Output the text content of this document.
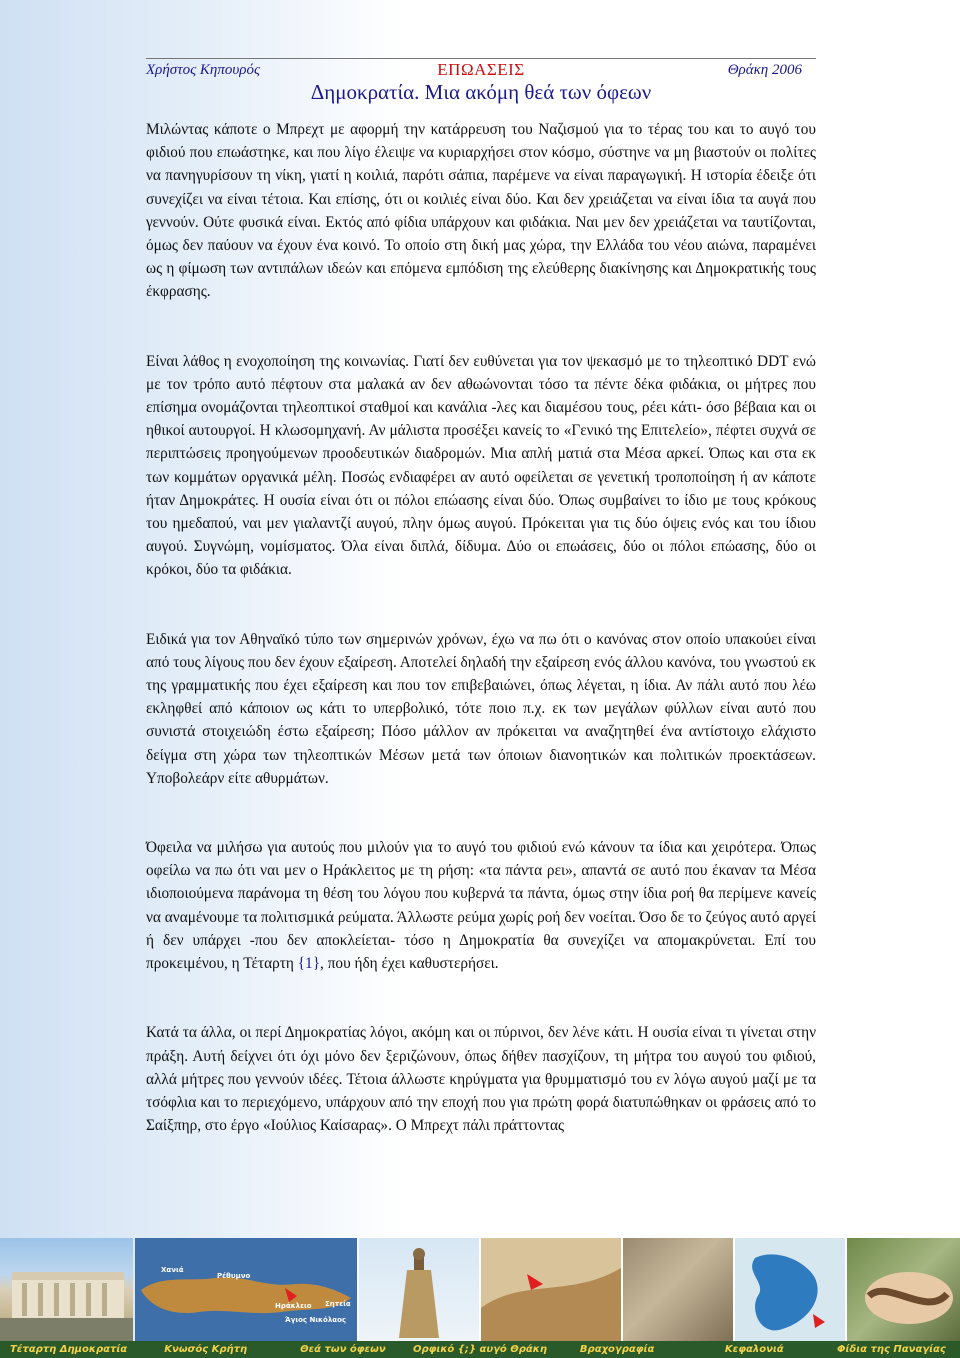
Χρήστος Κηπουρός	ΕΠΩΑΣΕΙΣ	Θράκη 2006
Δημοκρατία. Μια ακόμη θεά των όφεων

Μιλώντας κάποτε ο Μπρεχτ με αφορμή την κατάρρευση του Ναζισμού για το τέρας του και το αυγό του φιδιού που επωάστηκε, και που λίγο έλειψε να κυριαρχήσει στον κόσμο, σύστηνε να μη βιαστούν οι πολίτες να πανηγυρίσουν τη νίκη, γιατί η κοιλιά, παρότι σάπια, παρέμενε να είναι παραγωγική. Η ιστορία έδειξε ότι συνεχίζει να είναι τέτοια. Και επίσης, ότι οι κοιλιές είναι δύο. Και δεν χρειάζεται να είναι ίδια τα αυγά που γεννούν. Ούτε φυσικά είναι. Εκτός από φίδια υπάρχουν και φιδάκια. Ναι μεν δεν χρειάζεται να ταυτίζονται, όμως δεν παύουν να έχουν ένα κοινό. Το οποίο στη δική μας χώρα, την Ελλάδα του νέου αιώνα, παραμένει ως η φίμωση των αντιπάλων ιδεών και επόμενα εμπόδιση της ελεύθερης διακίνησης και Δημοκρατικής τους έκφρασης.

Είναι λάθος η ενοχοποίηση της κοινωνίας. Γιατί δεν ευθύνεται για τον ψεκασμό με το τηλεοπτικό DDT ενώ με τον τρόπο αυτό πέφτουν στα μαλακά αν δεν αθωώνονται τόσο τα πέντε δέκα φιδάκια, οι μήτρες που επίσημα ονομάζονται τηλεοπτικοί σταθμοί και κανάλια -λες και διαμέσου τους, ρέει κάτι- όσο βέβαια και οι ηθικοί αυτουργοί. Η κλωσομηχανή. Αν μάλιστα προσέξει κανείς το «Γενικό της Επιτελείο», πέφτει συχνά σε περιπτώσεις προηγούμενων προοδευτικών διαδρομών. Μια απλή ματιά στα Μέσα αρκεί. Όπως και στα εκ των κομμάτων οργανικά μέλη. Ποσώς ενδιαφέρει αν αυτό οφείλεται σε γενετική τροποποίηση ή αν κάποτε ήταν Δημοκράτες. Η ουσία είναι ότι οι πόλοι επώασης είναι δύο. Όπως συμβαίνει το ίδιο με τους κρόκους του ημεδαπού, ναι μεν γιαλαντζί αυγού, πλην όμως αυγού. Πρόκειται για τις δύο όψεις ενός και του ίδιου αυγού. Συγνώμη, νομίσματος. Όλα είναι διπλά, δίδυμα. Δύο οι επωάσεις, δύο οι πόλοι επώασης, δύο οι κρόκοι, δύο τα φιδάκια.

Ειδικά για τον Αθηναϊκό τύπο των σημερινών χρόνων, έχω να πω ότι ο κανόνας στον οποίο υπακούει είναι από τους λίγους που δεν έχουν εξαίρεση. Αποτελεί δηλαδή την εξαίρεση ενός άλλου κανόνα, του γνωστού εκ της γραμματικής που έχει εξαίρεση και που τον επιβεβαιώνει, όπως λέγεται, η ίδια. Αν πάλι αυτό που λέω εκληφθεί από κάποιον ως κάτι το υπερβολικό, τότε ποιο π.χ. εκ των μεγάλων φύλλων είναι αυτό που συνιστά στοιχειώδη έστω εξαίρεση; Πόσο μάλλον αν πρόκειται να αναζητηθεί ένα αντίστοιχο ελάχιστο δείγμα στη χώρα των τηλεοπτικών Μέσων μετά των όποιων διανοητικών και πολιτικών προεκτάσεων. Υποβολεάρν είτε αθυρμάτων.

Όφειλα να μιλήσω για αυτούς που μιλούν για το αυγό του φιδιού ενώ κάνουν τα ίδια και χειρότερα. Όπως οφείλω να πω ότι ναι μεν ο Ηράκλειτος με τη ρήση: «τα πάντα ρει», απαντά σε αυτό που έκαναν τα Μέσα ιδιοποιούμενα παράνομα τη θέση του λόγου που κυβερνά τα πάντα, όμως στην ίδια ροή θα περίμενε κανείς να αναμένουμε τα πολιτισμικά ρεύματα. Άλλωστε ρεύμα χωρίς ροή δεν νοείται. Όσο δε το ζεύγος αυτό αργεί ή δεν υπάρχει -που δεν αποκλείεται- τόσο η Δημοκρατία θα συνεχίζει να απομακρύνεται. Επί του προκειμένου, η Τέταρτη {1}, που ήδη έχει καθυστερήσει.

Κατά τα άλλα, οι περί Δημοκρατίας λόγοι, ακόμη και οι πύρινοι, δεν λένε κάτι. Η ουσία είναι τι γίνεται στην πράξη. Αυτή δείχνει ότι όχι μόνο δεν ξεριζώνουν, όπως δήθεν πασχίζουν, τη μήτρα του αυγού του φιδιού, αλλά μήτρες που γεννούν ιδέες. Τέτοια άλλωστε κηρύγματα για θρυμματισμό του εν λόγω αυγού μαζί με τα τσόφλια και το περιεχόμενο, υπάρχουν από την εποχή που για πρώτη φορά διατυπώθηκαν οι φράσεις από το Σαίξπηρ, στο έργο «Ιούλιος Καίσαρας». Ο Μπρεχτ πάλι πράττοντας

Χανιά
Ρέθυμνο
Ηράκλειο
Άγιος Νικόλαος
Σητεία
Τέταρτη Δημοκρατία	Κνωσός Κρήτη	Θεά των όφεων	Ορφικό {;} αυγό Θράκη	Βραχογραφία	Κεφαλονιά	Φίδια της Παναγίας
